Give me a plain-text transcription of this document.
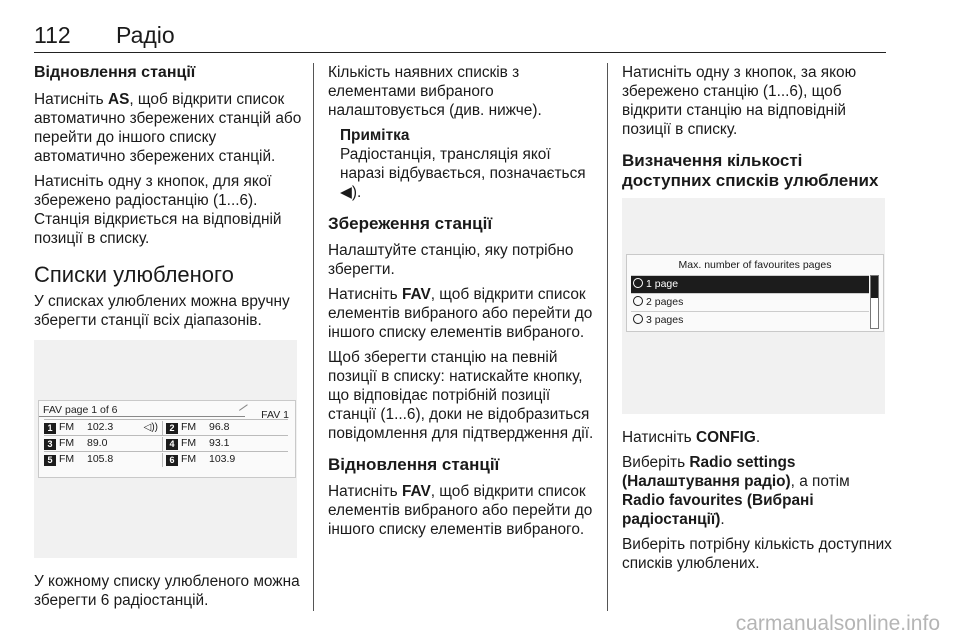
112 Радіо
Відновлення станції

Натисніть AS, щоб відкрити список автоматично збережених станцій або перейти до іншого списку автоматично збережених станцій.

Натисніть одну з кнопок, для якої збережено радіостанцію (1...6). Станція відкриється на відповідній позиції в списку.

Списки улюбленого

У списках улюблених можна вручну зберегти станції всіх діапазонів.

FAV page 1 of 6	FAV 1
1 FM 102.3	◁))	2 FM 96.8
3 FM 89.0	4 FM 93.1
5 FM 105.8	6 FM 103.9

У кожному списку улюбленого можна зберегти 6 радіостанцій.

Кількість наявних списків з елементами вибраного налаштовується (див. нижче).

Примітка

Радіостанція, трансляція якої наразі відбувається, позначається ◀).

Збереження станції

Налаштуйте станцію, яку потрібно зберегти.

Натисніть FAV, щоб відкрити список елементів вибраного або перейти до іншого списку елементів вибраного.

Щоб зберегти станцію на певній позиції в списку: натискайте кнопку, що відповідає потрібній позиції станції (1...6), доки не відобразиться повідомлення для підтвердження дії.

Відновлення станції

Натисніть FAV, щоб відкрити список елементів вибраного або перейти до іншого списку елементів вибраного.

Натисніть одну з кнопок, за якою збережено станцію (1...6), щоб відкрити станцію на відповідній позиції в списку.

Визначення кількості доступних списків улюблених
Max. number of favourites pages
1 page
2 pages
3 pages

Натисніть CONFIG.

Виберіть Radio settings (Налаштування радіо), а потім Radio favourites (Вибрані радіостанції).

Виберіть потрібну кількість доступних списків улюблених.

carmanualsonline.info
